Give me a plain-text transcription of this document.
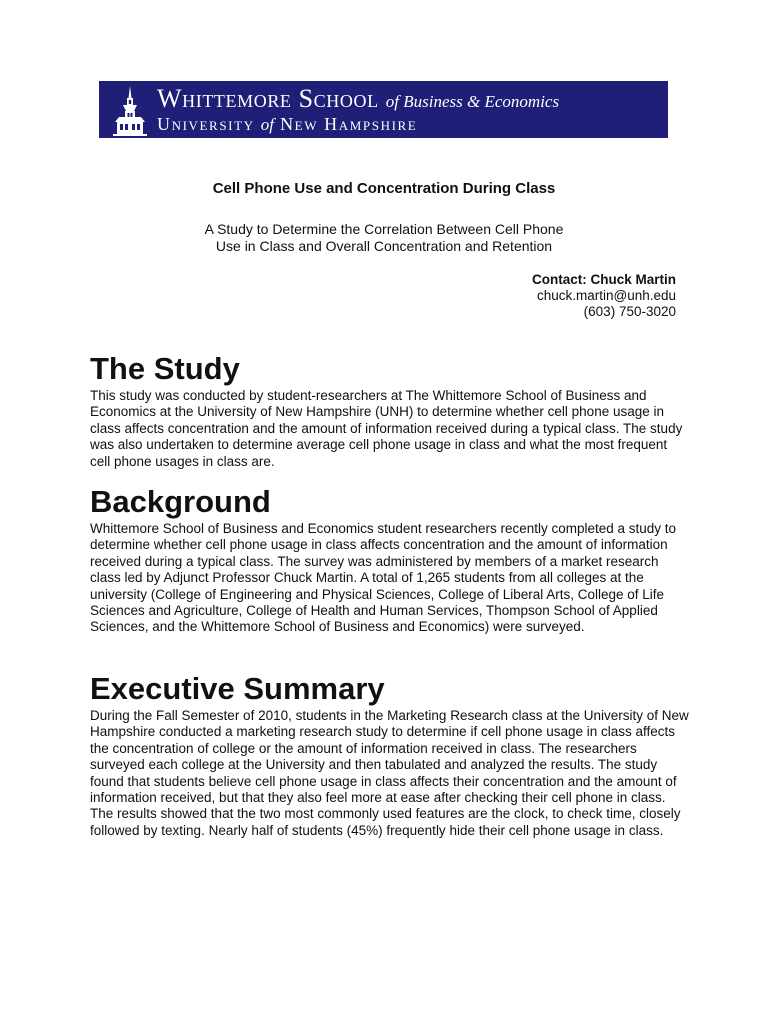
Whittemore School of Business & Economics
University of New Hampshire
Cell Phone Use and Concentration During Class
A Study to Determine the Correlation Between Cell Phone
Use in Class and Overall Concentration and Retention
Contact: Chuck Martin
chuck.martin@unh.edu
(603) 750-3020
The Study

This study was conducted by student-researchers at The Whittemore School of Business and Economics at the University of New Hampshire (UNH) to determine whether cell phone usage in class affects concentration and the amount of information received during a typical class. The study was also undertaken to determine average cell phone usage in class and what the most frequent cell phone usages in class are.

Background

Whittemore School of Business and Economics student researchers recently completed a study to determine whether cell phone usage in class affects concentration and the amount of information received during a typical class. The survey was administered by members of a market research class led by Adjunct Professor Chuck Martin. A total of 1,265 students from all colleges at the university (College of Engineering and Physical Sciences, College of Liberal Arts, College of Life Sciences and Agriculture, College of Health and Human Services, Thompson School of Applied Sciences, and the Whittemore School of Business and Economics) were surveyed.

Executive Summary

During the Fall Semester of 2010, students in the Marketing Research class at the University of New Hampshire conducted a marketing research study to determine if cell phone usage in class affects the concentration of college or the amount of information received in class. The researchers surveyed each college at the University and then tabulated and analyzed the results. The study found that students believe cell phone usage in class affects their concentration and the amount of information received, but that they also feel more at ease after checking their cell phone in class. The results showed that the two most commonly used features are the clock, to check time, closely followed by texting. Nearly half of students (45%) frequently hide their cell phone usage in class.
